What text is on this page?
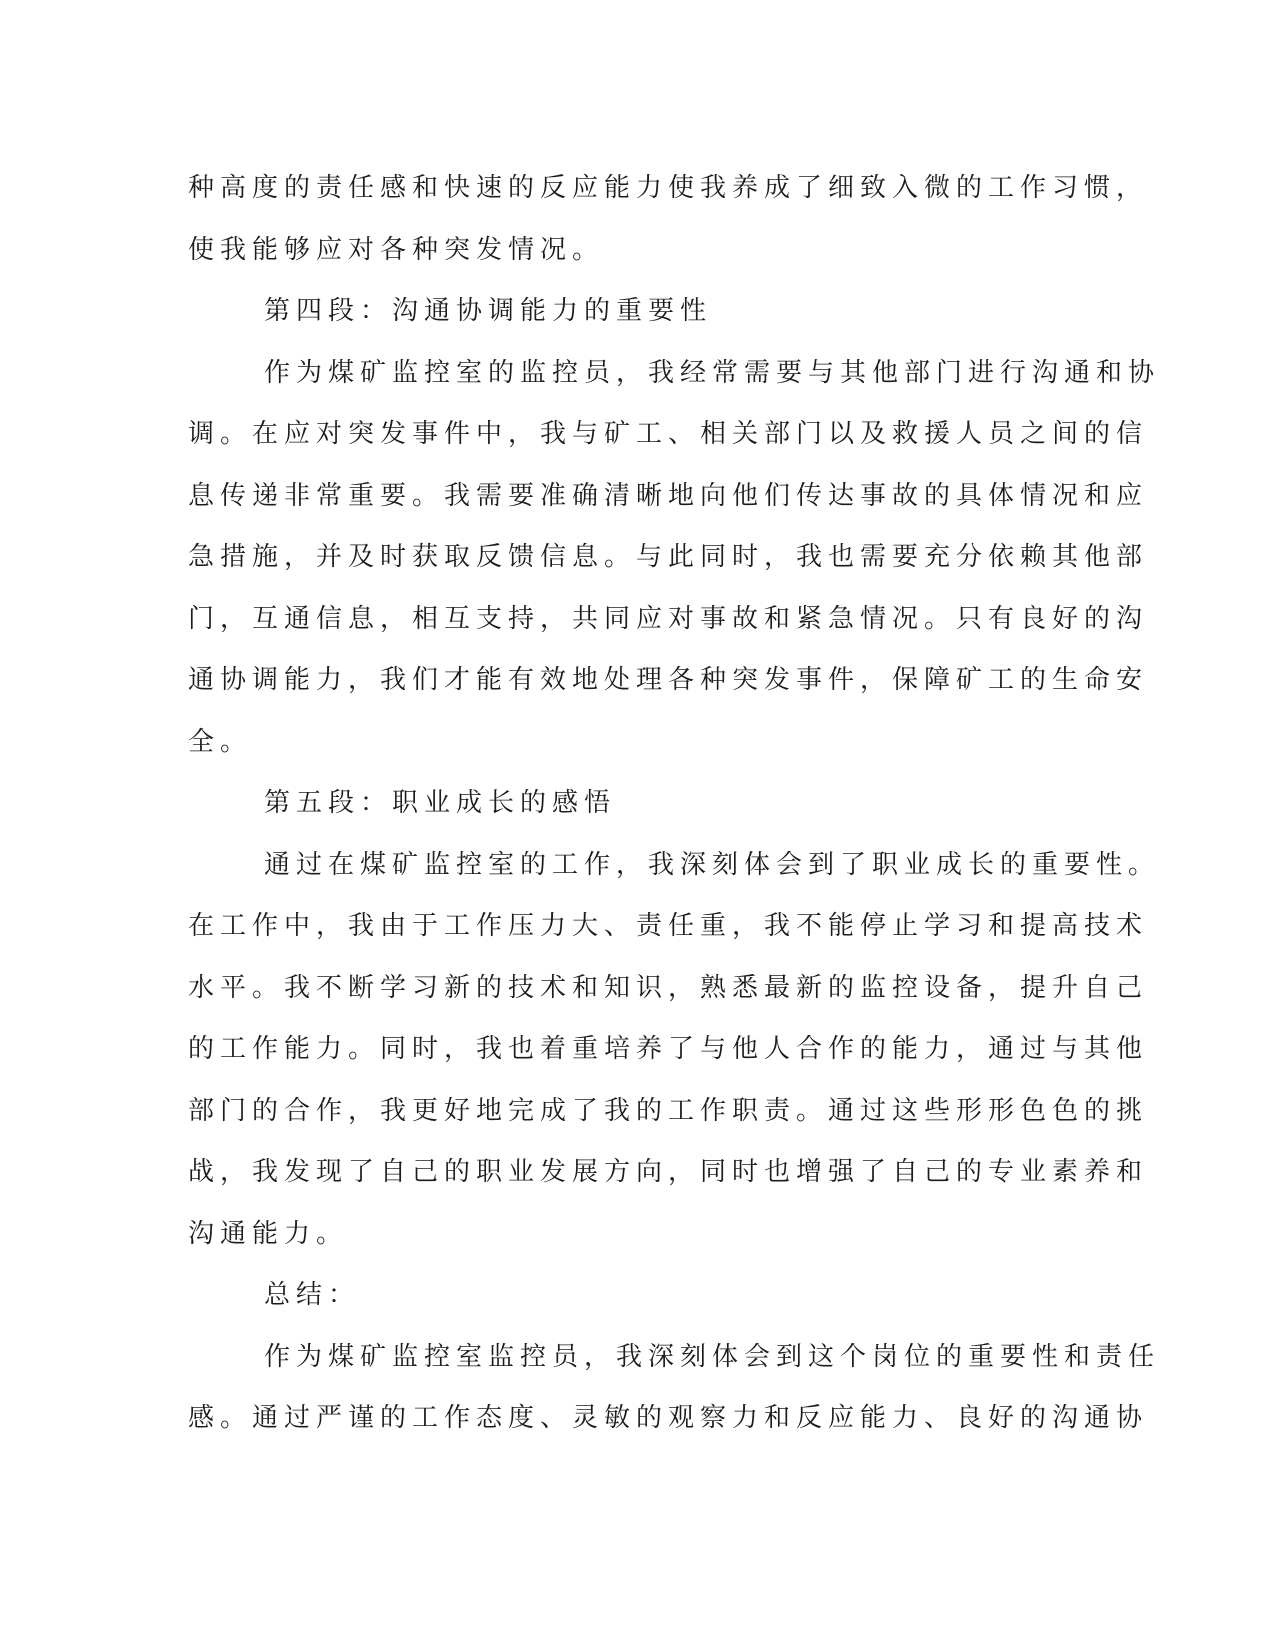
种高度的责任感和快速的反应能力使我养成了细致入微的工作习惯，
使我能够应对各种突发情况。
第四段：沟通协调能力的重要性
作为煤矿监控室的监控员，我经常需要与其他部门进行沟通和协
调。在应对突发事件中，我与矿工、相关部门以及救援人员之间的信
息传递非常重要。我需要准确清晰地向他们传达事故的具体情况和应
急措施，并及时获取反馈信息。与此同时，我也需要充分依赖其他部
门，互通信息，相互支持，共同应对事故和紧急情况。只有良好的沟
通协调能力，我们才能有效地处理各种突发事件，保障矿工的生命安
全。
第五段：职业成长的感悟
通过在煤矿监控室的工作，我深刻体会到了职业成长的重要性。
在工作中，我由于工作压力大、责任重，我不能停止学习和提高技术
水平。我不断学习新的技术和知识，熟悉最新的监控设备，提升自己
的工作能力。同时，我也着重培养了与他人合作的能力，通过与其他
部门的合作，我更好地完成了我的工作职责。通过这些形形色色的挑
战，我发现了自己的职业发展方向，同时也增强了自己的专业素养和
沟通能力。
总结：
作为煤矿监控室监控员，我深刻体会到这个岗位的重要性和责任
感。通过严谨的工作态度、灵敏的观察力和反应能力、良好的沟通协
